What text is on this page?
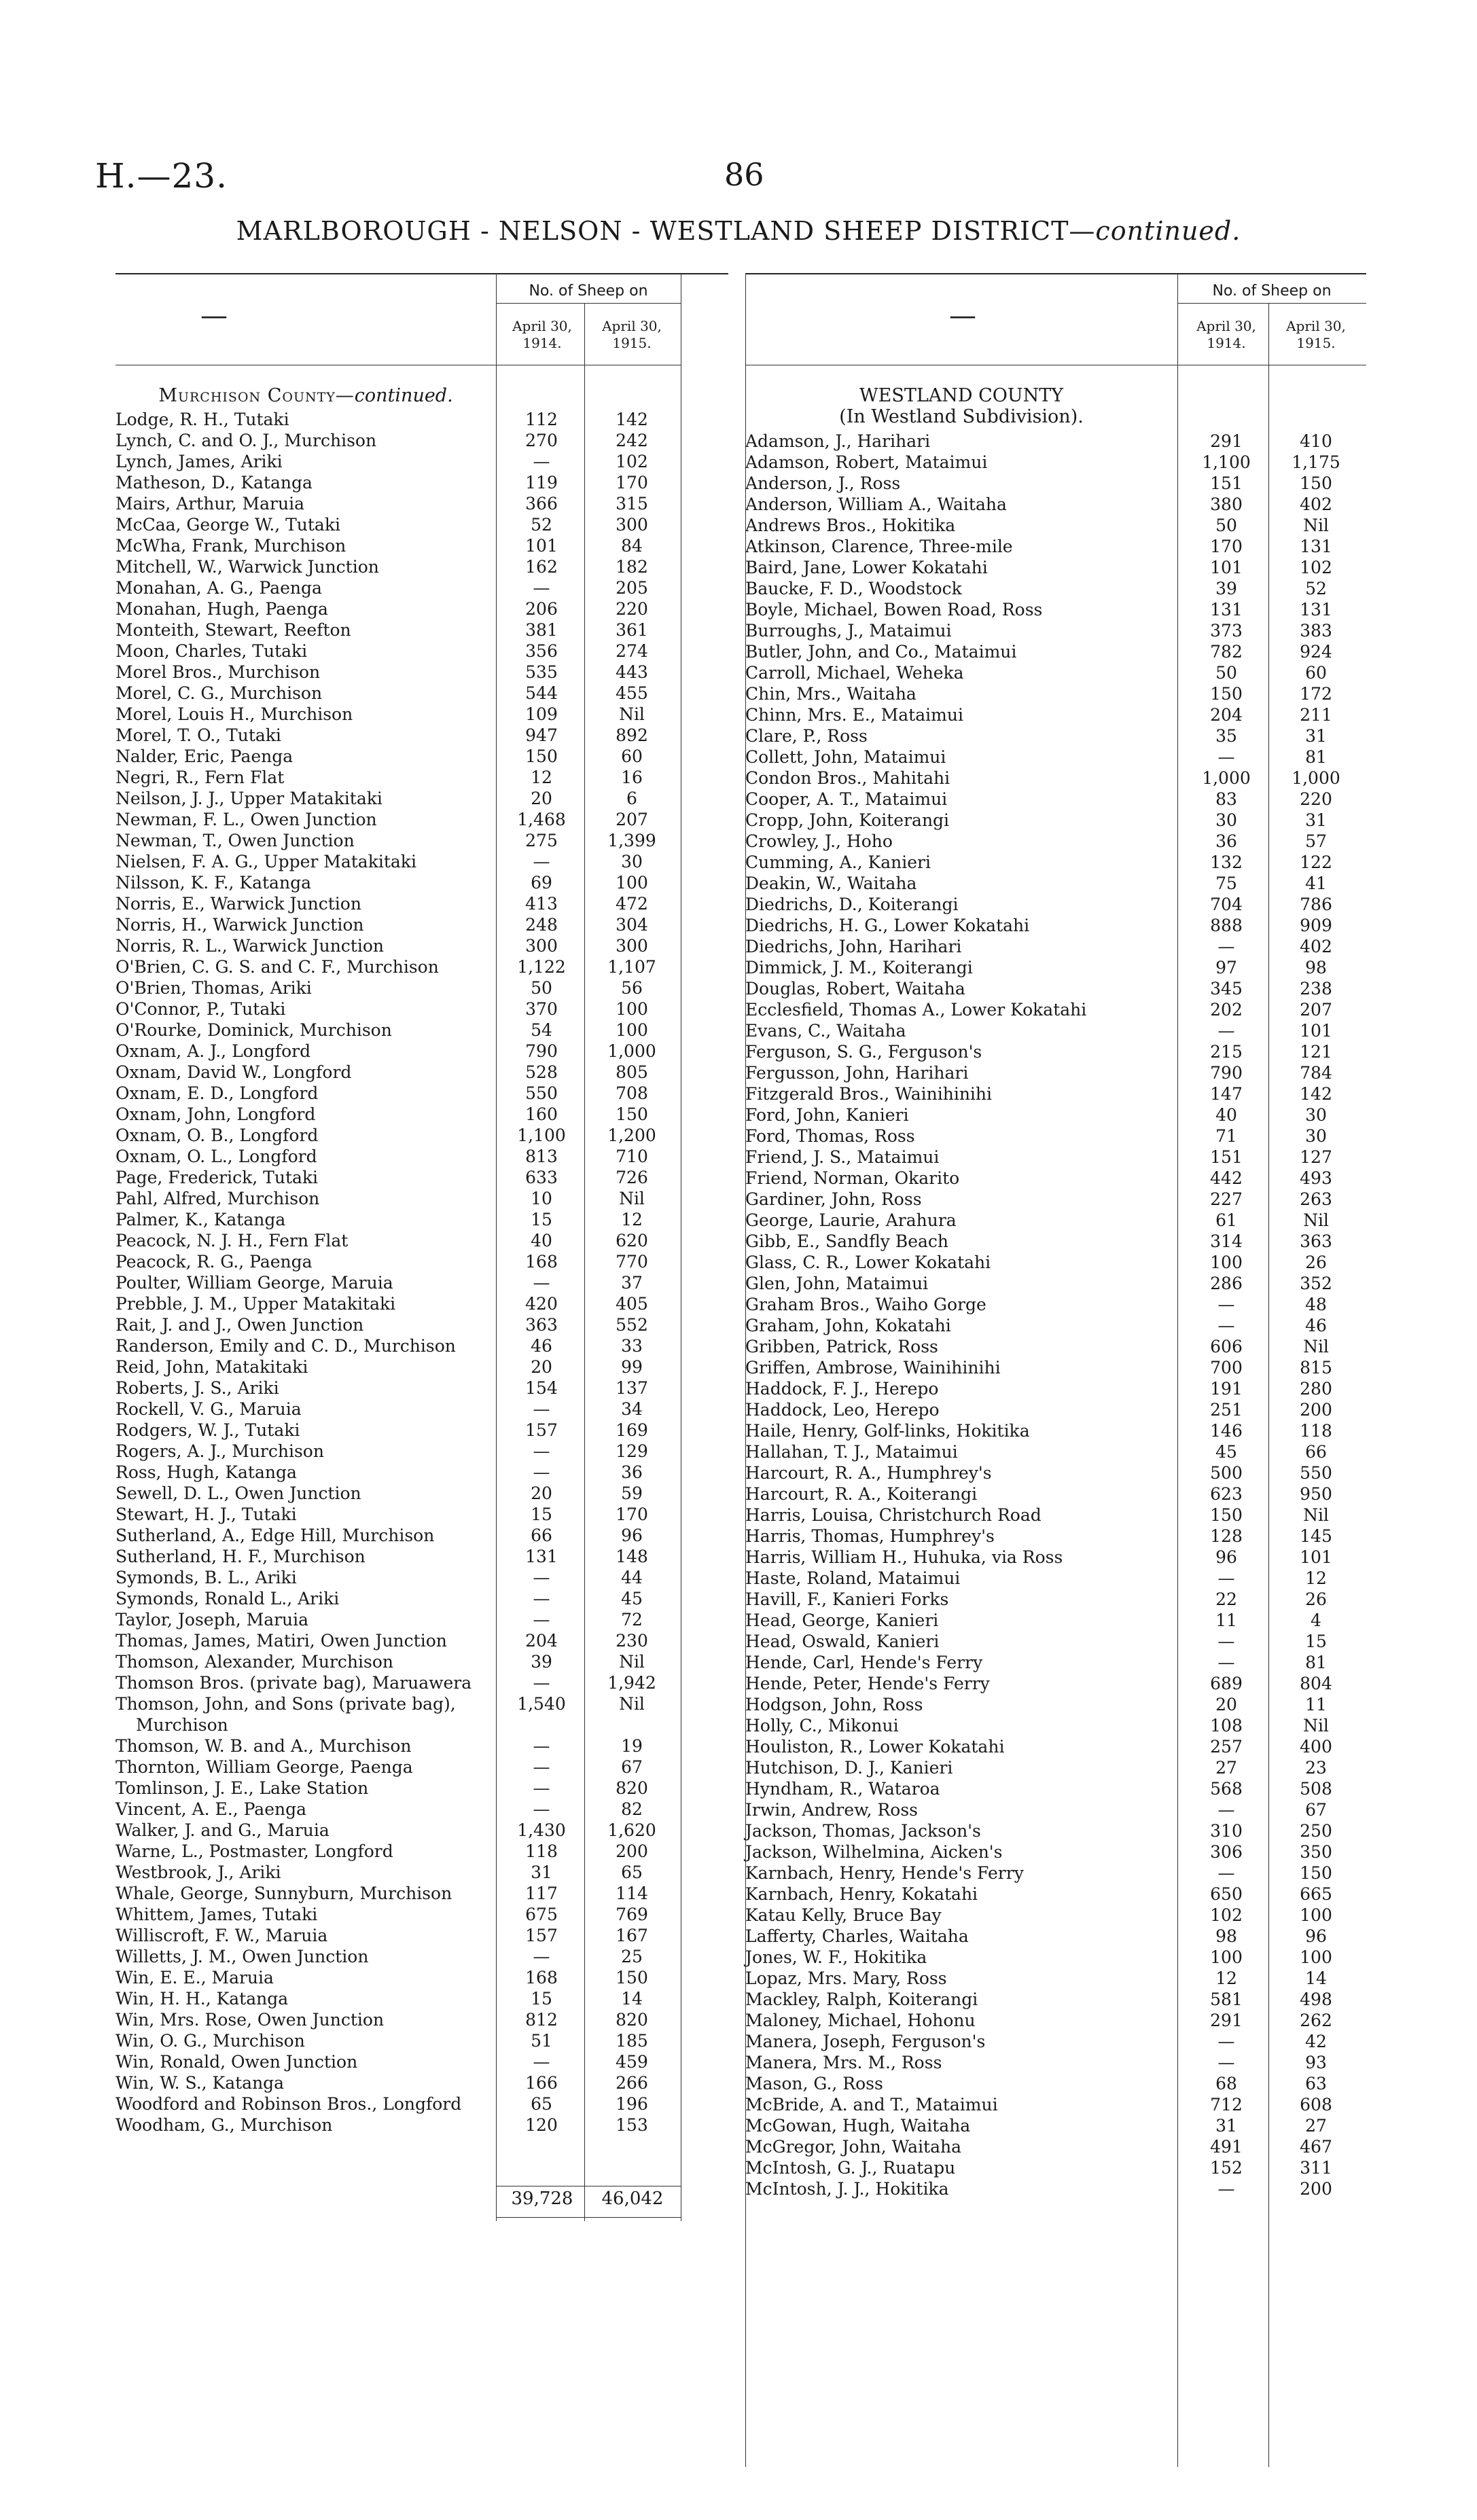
H.—23.	86
MARLBOROUGH - NELSON - WESTLAND SHEEP DISTRICT—continued.
—
No. of Sheep on
April 30, 1914.
April 30, 1915.
Murchison County—continued.
Lodge, R. H., Tutaki	112	142
Lynch, C. and O. J., Murchison	270	242
Lynch, James, Ariki	—	102
Matheson, D., Katanga	119	170
Mairs, Arthur, Maruia	366	315
McCaa, George W., Tutaki	52	300
McWha, Frank, Murchison	101	84
Mitchell, W., Warwick Junction	162	182
Monahan, A. G., Paenga	—	205
Monahan, Hugh, Paenga	206	220
Monteith, Stewart, Reefton	381	361
Moon, Charles, Tutaki	356	274
Morel Bros., Murchison	535	443
Morel, C. G., Murchison	544	455
Morel, Louis H., Murchison	109	Nil
Morel, T. O., Tutaki	947	892
Nalder, Eric, Paenga	150	60
Negri, R., Fern Flat	12	16
Neilson, J. J., Upper Matakitaki	20	6
Newman, F. L., Owen Junction	1,468	207
Newman, T., Owen Junction	275	1,399
Nielsen, F. A. G., Upper Matakitaki	—	30
Nilsson, K. F., Katanga	69	100
Norris, E., Warwick Junction	413	472
Norris, H., Warwick Junction	248	304
Norris, R. L., Warwick Junction	300	300
O'Brien, C. G. S. and C. F., Murchison	1,122	1,107
O'Brien, Thomas, Ariki	50	56
O'Connor, P., Tutaki	370	100
O'Rourke, Dominick, Murchison	54	100
Oxnam, A. J., Longford	790	1,000
Oxnam, David W., Longford	528	805
Oxnam, E. D., Longford	550	708
Oxnam, John, Longford	160	150
Oxnam, O. B., Longford	1,100	1,200
Oxnam, O. L., Longford	813	710
Page, Frederick, Tutaki	633	726
Pahl, Alfred, Murchison	10	Nil
Palmer, K., Katanga	15	12
Peacock, N. J. H., Fern Flat	40	620
Peacock, R. G., Paenga	168	770
Poulter, William George, Maruia	—	37
Prebble, J. M., Upper Matakitaki	420	405
Rait, J. and J., Owen Junction	363	552
Randerson, Emily and C. D., Murchison	46	33
Reid, John, Matakitaki	20	99
Roberts, J. S., Ariki	154	137
Rockell, V. G., Maruia	—	34
Rodgers, W. J., Tutaki	157	169
Rogers, A. J., Murchison	—	129
Ross, Hugh, Katanga	—	36
Sewell, D. L., Owen Junction	20	59
Stewart, H. J., Tutaki	15	170
Sutherland, A., Edge Hill, Murchison	66	96
Sutherland, H. F., Murchison	131	148
Symonds, B. L., Ariki	—	44
Symonds, Ronald L., Ariki	—	45
Taylor, Joseph, Maruia	—	72
Thomas, James, Matiri, Owen Junction	204	230
Thomson, Alexander, Murchison	39	Nil
Thomson Bros. (private bag), Maruawera	—	1,942
Thomson, John, and Sons (private bag),	1,540	Nil
Murchison
Thomson, W. B. and A., Murchison	—	19
Thornton, William George, Paenga	—	67
Tomlinson, J. E., Lake Station	—	820
Vincent, A. E., Paenga	—	82
Walker, J. and G., Maruia	1,430	1,620
Warne, L., Postmaster, Longford	118	200
Westbrook, J., Ariki	31	65
Whale, George, Sunnyburn, Murchison	117	114
Whittem, James, Tutaki	675	769
Williscroft, F. W., Maruia	157	167
Willetts, J. M., Owen Junction	—	25
Win, E. E., Maruia	168	150
Win, H. H., Katanga	15	14
Win, Mrs. Rose, Owen Junction	812	820
Win, O. G., Murchison	51	185
Win, Ronald, Owen Junction	—	459
Win, W. S., Katanga	166	266
Woodford and Robinson Bros., Longford	65	196
Woodham, G., Murchison	120	153
39,728	46,042
—
No. of Sheep on
April 30, 1914.
April 30, 1915.
WESTLAND COUNTY
(In Westland Subdivision).
Adamson, J., Harihari	291	410
Adamson, Robert, Mataimui	1,100	1,175
Anderson, J., Ross	151	150
Anderson, William A., Waitaha	380	402
Andrews Bros., Hokitika	50	Nil
Atkinson, Clarence, Three-mile	170	131
Baird, Jane, Lower Kokatahi	101	102
Baucke, F. D., Woodstock	39	52
Boyle, Michael, Bowen Road, Ross	131	131
Burroughs, J., Mataimui	373	383
Butler, John, and Co., Mataimui	782	924
Carroll, Michael, Weheka	50	60
Chin, Mrs., Waitaha	150	172
Chinn, Mrs. E., Mataimui	204	211
Clare, P., Ross	35	31
Collett, John, Mataimui	—	81
Condon Bros., Mahitahi	1,000	1,000
Cooper, A. T., Mataimui	83	220
Cropp, John, Koiterangi	30	31
Crowley, J., Hoho	36	57
Cumming, A., Kanieri	132	122
Deakin, W., Waitaha	75	41
Diedrichs, D., Koiterangi	704	786
Diedrichs, H. G., Lower Kokatahi	888	909
Diedrichs, John, Harihari	—	402
Dimmick, J. M., Koiterangi	97	98
Douglas, Robert, Waitaha	345	238
Ecclesfield, Thomas A., Lower Kokatahi	202	207
Evans, C., Waitaha	—	101
Ferguson, S. G., Ferguson's	215	121
Fergusson, John, Harihari	790	784
Fitzgerald Bros., Wainihinihi	147	142
Ford, John, Kanieri	40	30
Ford, Thomas, Ross	71	30
Friend, J. S., Mataimui	151	127
Friend, Norman, Okarito	442	493
Gardiner, John, Ross	227	263
George, Laurie, Arahura	61	Nil
Gibb, E., Sandfly Beach	314	363
Glass, C. R., Lower Kokatahi	100	26
Glen, John, Mataimui	286	352
Graham Bros., Waiho Gorge	—	48
Graham, John, Kokatahi	—	46
Gribben, Patrick, Ross	606	Nil
Griffen, Ambrose, Wainihinihi	700	815
Haddock, F. J., Herepo	191	280
Haddock, Leo, Herepo	251	200
Haile, Henry, Golf-links, Hokitika	146	118
Hallahan, T. J., Mataimui	45	66
Harcourt, R. A., Humphrey's	500	550
Harcourt, R. A., Koiterangi	623	950
Harris, Louisa, Christchurch Road	150	Nil
Harris, Thomas, Humphrey's	128	145
Harris, William H., Huhuka, via Ross	96	101
Haste, Roland, Mataimui	—	12
Havill, F., Kanieri Forks	22	26
Head, George, Kanieri	11	4
Head, Oswald, Kanieri	—	15
Hende, Carl, Hende's Ferry	—	81
Hende, Peter, Hende's Ferry	689	804
Hodgson, John, Ross	20	11
Holly, C., Mikonui	108	Nil
Houliston, R., Lower Kokatahi	257	400
Hutchison, D. J., Kanieri	27	23
Hyndham, R., Wataroa	568	508
Irwin, Andrew, Ross	—	67
Jackson, Thomas, Jackson's	310	250
Jackson, Wilhelmina, Aicken's	306	350
Karnbach, Henry, Hende's Ferry	—	150
Karnbach, Henry, Kokatahi	650	665
Katau Kelly, Bruce Bay	102	100
Lafferty, Charles, Waitaha	98	96
Jones, W. F., Hokitika	100	100
Lopaz, Mrs. Mary, Ross	12	14
Mackley, Ralph, Koiterangi	581	498
Maloney, Michael, Hohonu	291	262
Manera, Joseph, Ferguson's	—	42
Manera, Mrs. M., Ross	—	93
Mason, G., Ross	68	63
McBride, A. and T., Mataimui	712	608
McGowan, Hugh, Waitaha	31	27
McGregor, John, Waitaha	491	467
McIntosh, G. J., Ruatapu	152	311
McIntosh, J. J., Hokitika	—	200
